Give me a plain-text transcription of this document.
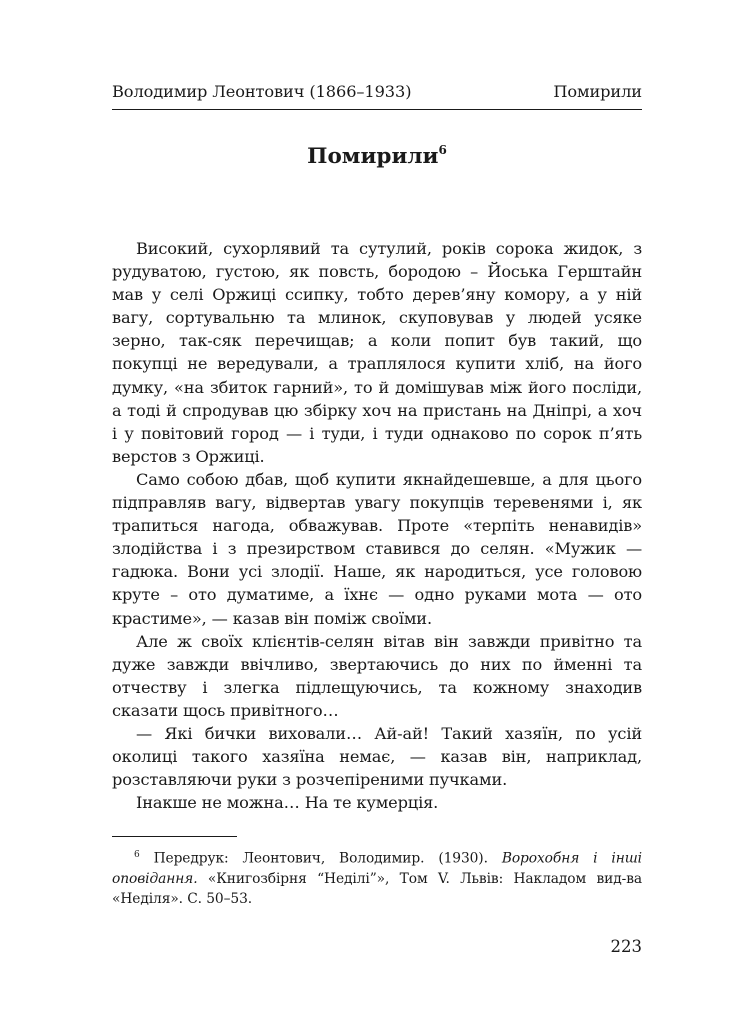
Володимир Леонтович (1866–1933)	Помирили
Помирили$^6$

Високий, сухорлявий та сутулий, років сорока жидок, з рудуватою, густою, як повсть, бородою – Йоська Герштайн мав у селі Оржиці ссипку, тобто дерев’яну комору, а у ній вагу, сортувальню та млинок, скуповував у людей усяке зерно, так-сяк перечищав; а коли попит був такий, що покупці не вередували, а траплялося купити хліб, на його думку, «на збиток гарний», то й домішував між його посліди, а тоді й спродував цю збірку хоч на пристань на Дніпрі, а хоч і у повітовий город — і туди, і туди однаково по сорок п’ять верстов з Оржиці.

Само собою дбав, щоб купити якнайдешевше, а для цього підправляв вагу, відвертав увагу покупців теревенями і, як трапиться нагода, обважував. Проте «терпіть ненавидів» злодійства і з презирством ставився до селян. «Мужик — гадюка. Вони усі злодії. Наше, як народиться, усе головою круте – ото думатиме, а їхнє — одно руками мота — ото крастиме», — казав він поміж своїми.

Але ж своїх клієнтів-селян вітав він завжди привітно та дуже завжди ввічливо, звертаючись до них по йменні та отчеству і злегка підлещуючись, та кожному знаходив сказати щось привітного…

— Які бички виховали… Ай-ай! Такий хазяїн, по усій околиці такого хазяїна немає, — казав він, наприклад, розставляючи руки з розчепіреними пучками.

Інакше не можна… На те кумерція.

$^6$ Передрук: Леонтович, Володимир. (1930). Ворохобня і інші оповідання. «Книгозбірня “Неділі”», Том V. Львів: Накладом вид-ва «Неділя». С. 50–53.
223
